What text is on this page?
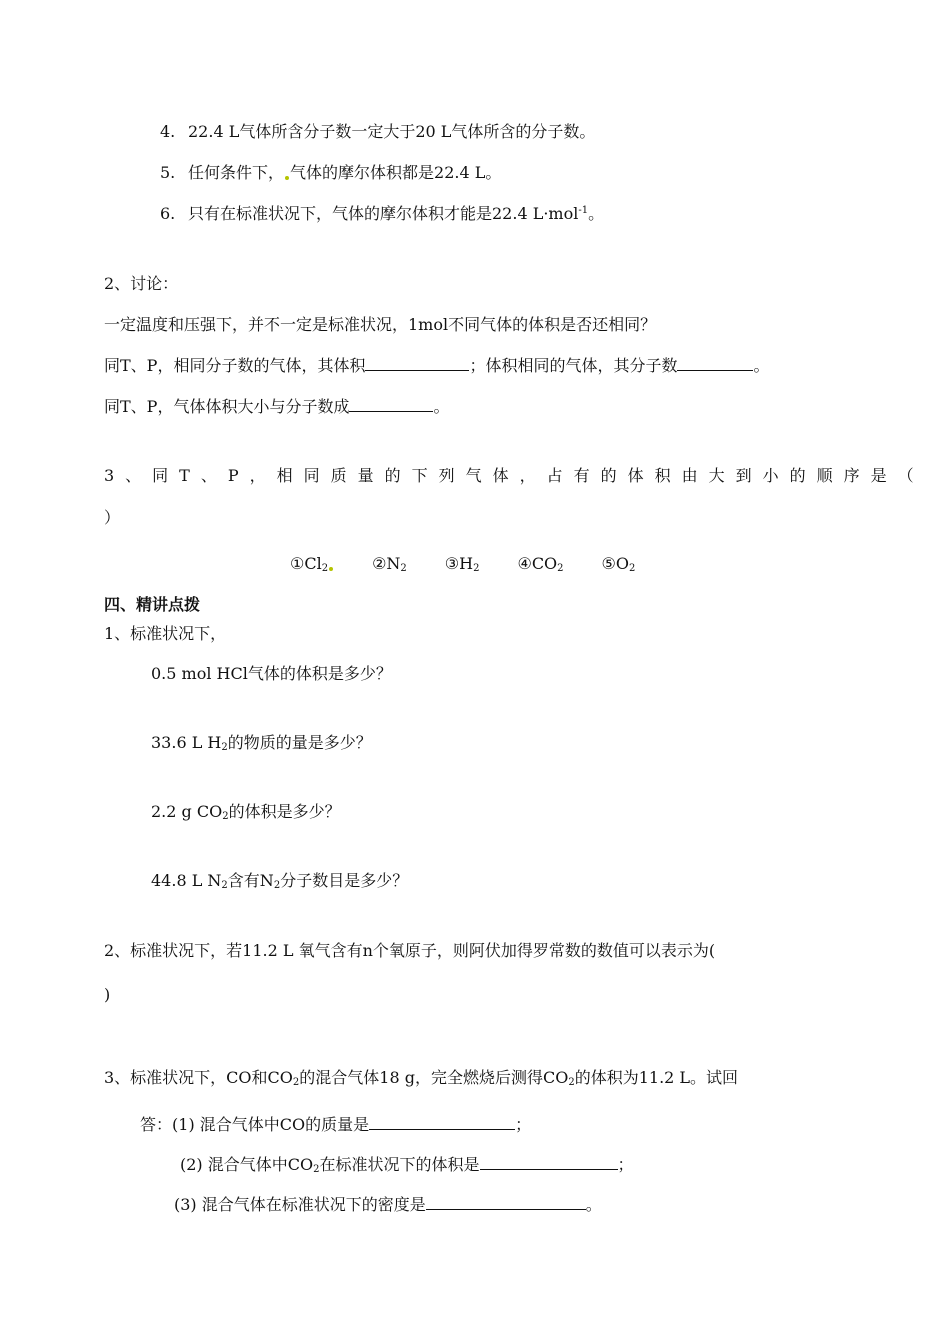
4. 22.4 L气体所含分子数一定大于20 L气体所含的分子数。
5. 任何条件下， 气体的摩尔体积都是22.4 L。
6. 只有在标准状况下，气体的摩尔体积才能是22.4 L·mol$^{-1}$。
2、讨论：
一定温度和压强下，并不一定是标准状况，1mol不同气体的体积是否还相同？
同T、P，相同分子数的气体，其体积	；体积相同的气体，其分子数	。
同T、P，气体体积大小与分子数成	。
3、同T、P，相同质量的下列气体，占有的体积由大到小的顺序是（
）
$①Cl_2$	$②N_2$ $③H_2$ $④CO_2$ $⑤O_2$
四、精讲点拨
1、标准状况下，
0.5 mol HCl气体的体积是多少？
33.6 L $H_2$的物质的量是多少？
2.2 g $CO_2$的体积是多少？
44.8 L $N_2$含有$N_2$分子数目是多少？
2、标准状况下，若11.2 L 氧气含有n个氧原子，则阿伏加得罗常数的数值可以表示为(
)
3、标准状况下，CO和$CO_2$的混合气体18 g，完全燃烧后测得$CO_2$的体积为11.2 L。试回
答：(1) 混合气体中CO的质量是	；
(2) 混合气体中$CO_2$在标准状况下的体积是	；
(3) 混合气体在标准状况下的密度是	。
